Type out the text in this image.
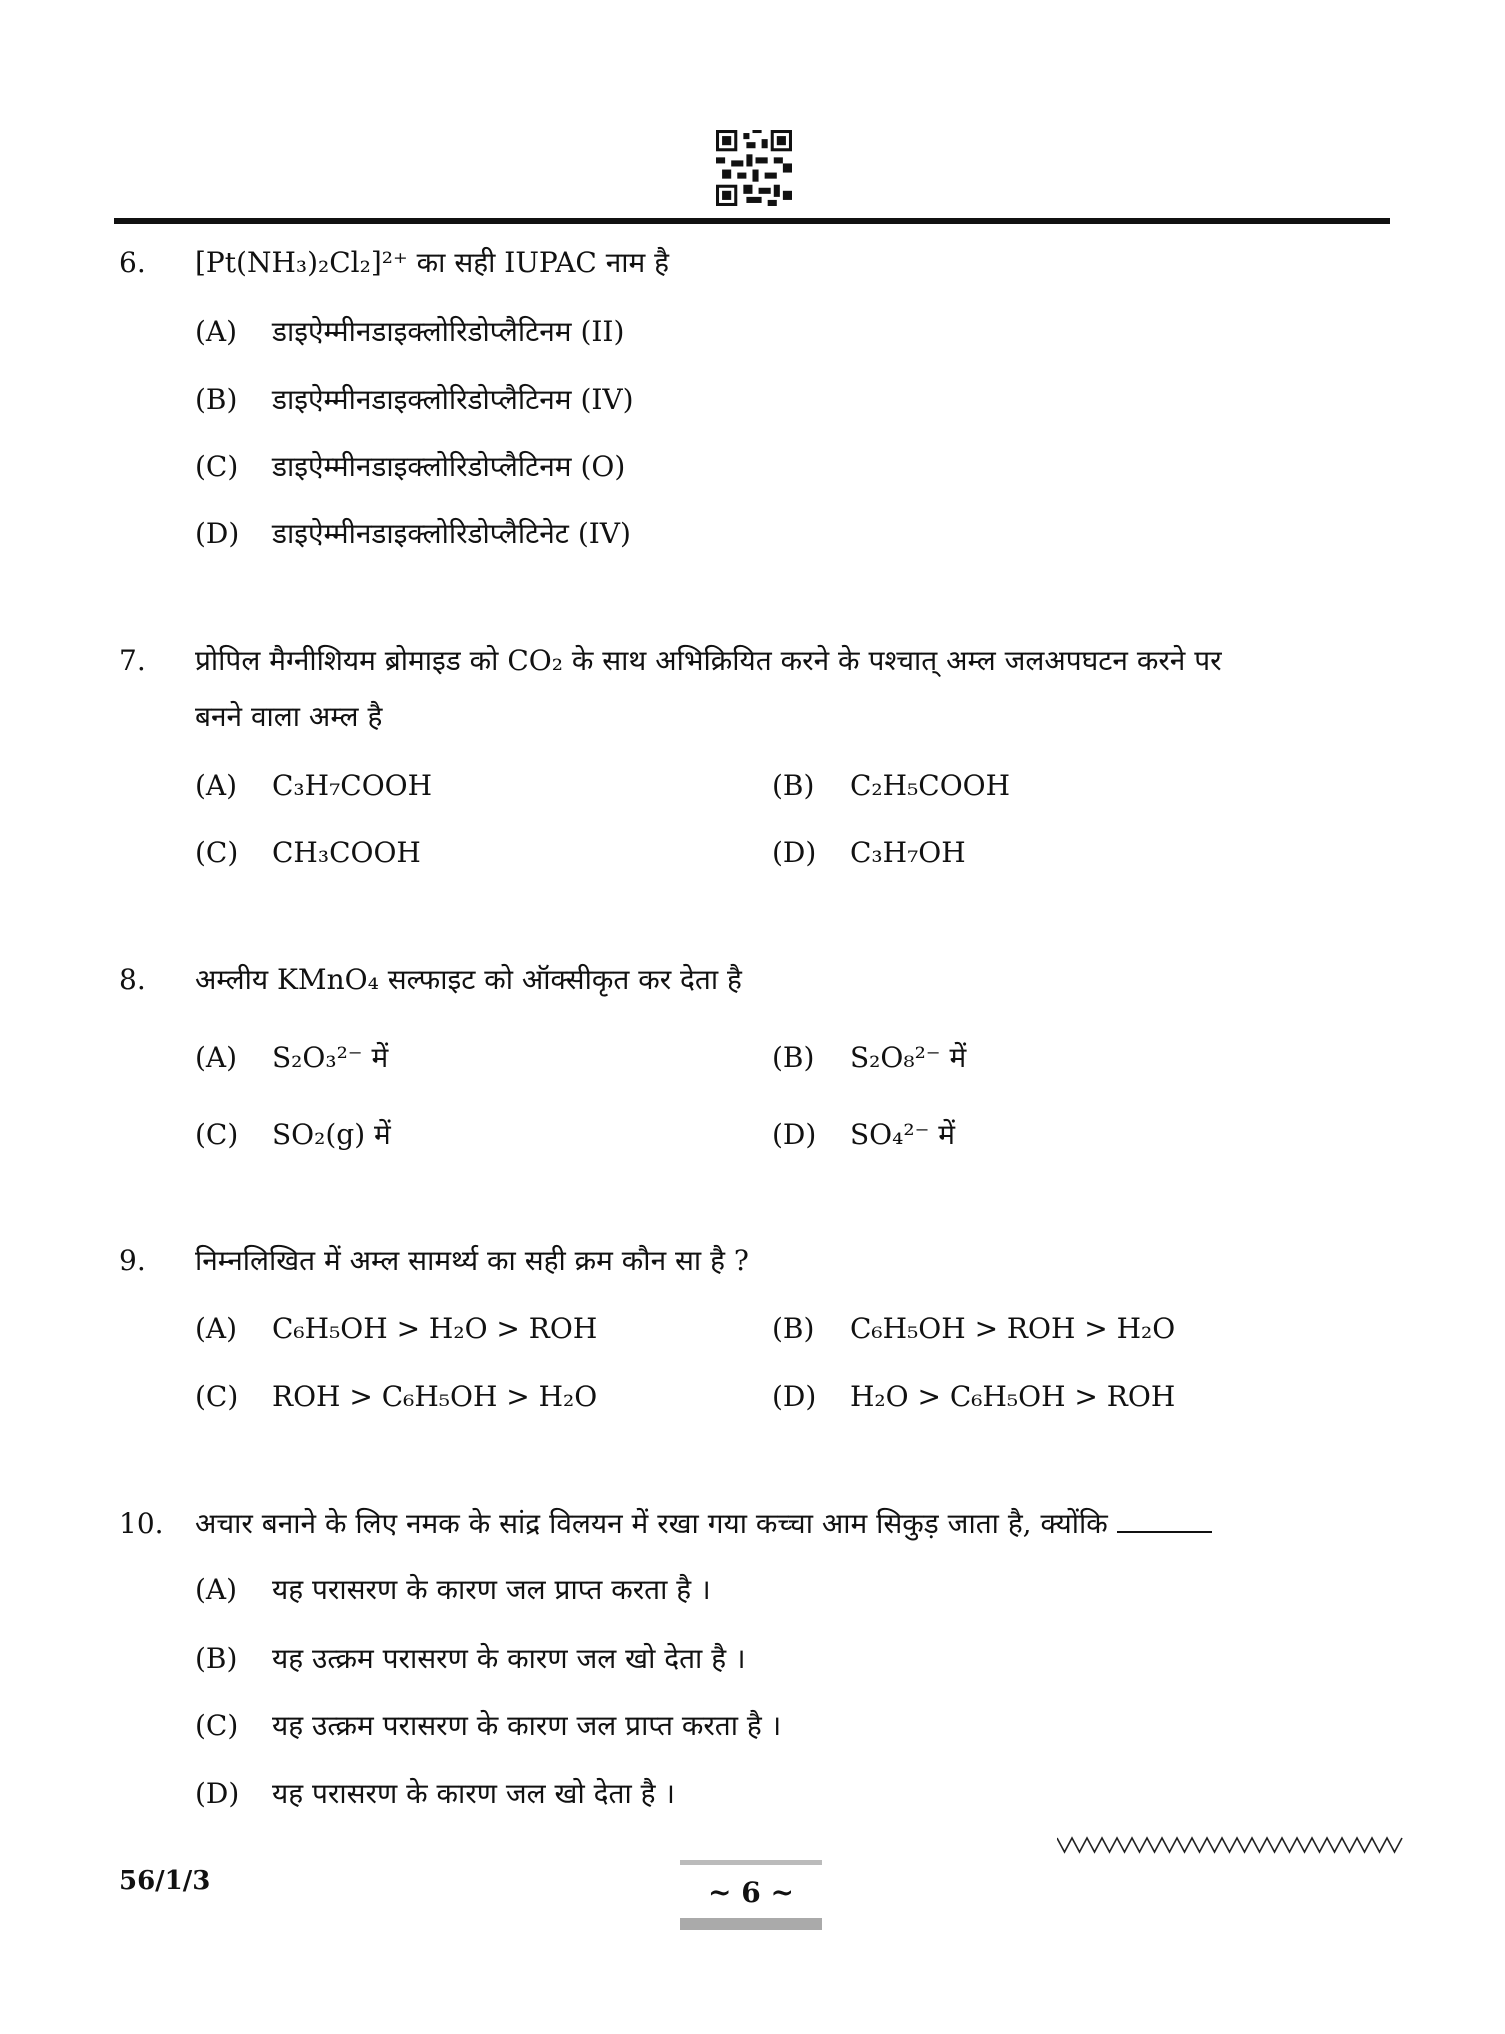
6. [Pt(NH₃)₂Cl₂]²⁺ का सही IUPAC नाम है
(A) डाइऐम्मीनडाइक्लोरिडोप्लैटिनम (II)
(B) डाइऐम्मीनडाइक्लोरिडोप्लैटिनम (IV)
(C) डाइऐम्मीनडाइक्लोरिडोप्लैटिनम (O)
(D) डाइऐम्मीनडाइक्लोरिडोप्लैटिनेट (IV)
7. प्रोपिल मैग्नीशियम ब्रोमाइड को CO₂ के साथ अभिक्रियित करने के पश्चात् अम्ल जलअपघटन करने पर
बनने वाला अम्ल है
(A) C₃H₇COOH	(B) C₂H₅COOH
(C) CH₃COOH	(D) C₃H₇OH
8. अम्लीय KMnO₄ सल्फाइट को ऑक्सीकृत कर देता है
(A) S₂O₃²⁻ में	(B) S₂O₈²⁻ में
(C) SO₂(g) में	(D) SO₄²⁻ में
9. निम्नलिखित में अम्ल सामर्थ्य का सही क्रम कौन सा है ?
(A) C₆H₅OH > H₂O > ROH	(B) C₆H₅OH > ROH > H₂O
(C) ROH > C₆H₅OH > H₂O	(D) H₂O > C₆H₅OH > ROH
10. अचार बनाने के लिए नमक के सांद्र विलयन में रखा गया कच्चा आम सिकुड़ जाता है, क्योंकि
(A) यह परासरण के कारण जल प्राप्त करता है ।
(B) यह उत्क्रम परासरण के कारण जल खो देता है ।
(C) यह उत्क्रम परासरण के कारण जल प्राप्त करता है ।
(D) यह परासरण के कारण जल खो देता है ।
56/1/3	~ 6 ~
